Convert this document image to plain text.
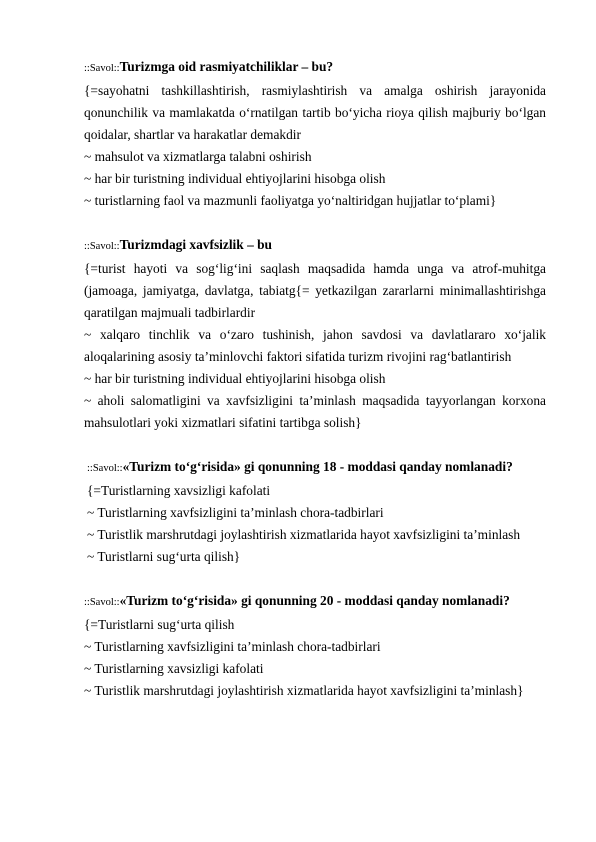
::Savol::Turizmga oid rasmiyatchiliklar – bu?

{=sayohatni tashkillashtirish, rasmiylashtirish va amalga oshirish jarayonida qonunchilik va mamlakatda oʻrnatilgan tartib boʻyicha rioya qilish majburiy boʻlgan qoidalar, shartlar va harakatlar demakdir

~ mahsulot va xizmatlarga talabni oshirish

~ har bir turistning individual ehtiyojlarini hisobga olish

~ turistlarning faol va mazmunli faoliyatga yoʻnaltiridgan hujjatlar toʻplami}

::Savol::Turizmdagi xavfsizlik – bu

{=turist hayoti va sogʻligʻini saqlash maqsadida hamda unga va atrof-muhitga (jamoaga, jamiyatga, davlatga, tabiatg{= yetkazilgan zararlarni minimallashtirishga qaratilgan majmuali tadbirlardir

~ xalqaro tinchlik va oʻzaro tushinish, jahon savdosi va davlatlararo xoʻjalik aloqalarining asosiy taʼminlovchi faktori sifatida turizm rivojini ragʻbatlantirish

~ har bir turistning individual ehtiyojlarini hisobga olish

~ aholi salomatligini va xavfsizligini taʼminlash maqsadida tayyorlangan korxona mahsulotlari yoki xizmatlari sifatini tartibga solish}

::Savol::«Turizm toʻgʻrisida» gi qonunning 18 - moddasi qanday nomlanadi?

{=Turistlarning xavsizligi kafolati

~ Turistlarning xavfsizligini taʼminlash chora-tadbirlari

~ Turistlik marshrutdagi joylashtirish xizmatlarida hayot xavfsizligini taʼminlash

~ Turistlarni sugʻurta qilish}

::Savol::«Turizm toʻgʻrisida» gi qonunning 20 - moddasi qanday nomlanadi?

{=Turistlarni sugʻurta qilish

~ Turistlarning xavfsizligini taʼminlash chora-tadbirlari

~ Turistlarning xavsizligi kafolati

~ Turistlik marshrutdagi joylashtirish xizmatlarida hayot xavfsizligini taʼminlash}
